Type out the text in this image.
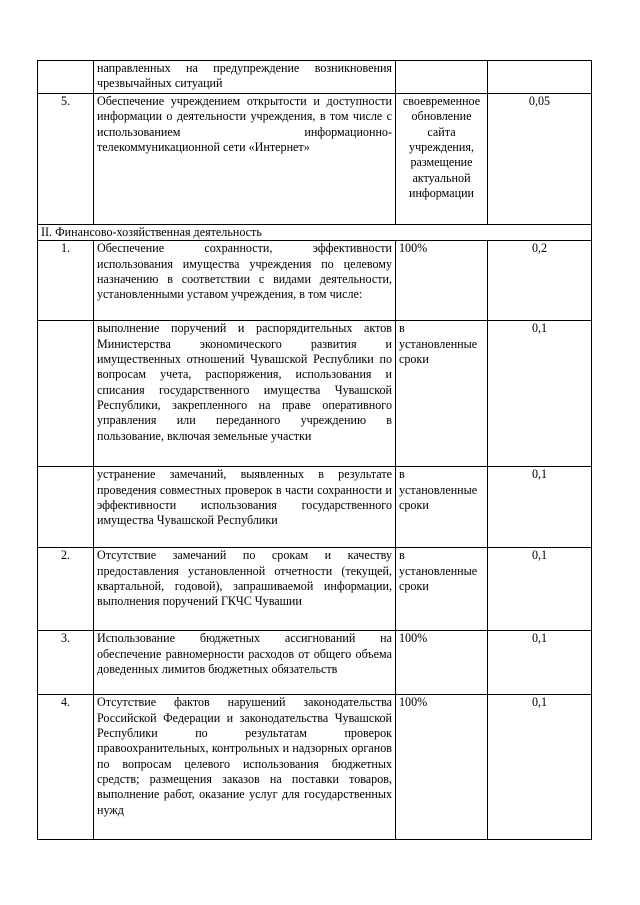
	направленных на предупреждение возникновения чрезвычайных ситуаций		
5.	Обеспечение учреждением открытости и доступности информации о деятельности учреждения, в том числе с использованием информационно-телекоммуникационной сети «Интернет»	своевременное обновление сайта учреждения, размещение актуальной информации	0,05
II. Финансово-хозяйственная деятельность			
1.	Обеспечение сохранности, эффективности использования имущества учреждения по целевому назначению в соответствии с видами деятельности, установленными уставом учреждения, в том числе:	100%	0,2
	выполнение поручений и распорядительных актов Министерства экономического развития и имущественных отношений Чувашской Республики по вопросам учета, распоряжения, использования и списания государственного имущества Чувашской Республики, закрепленного на праве оперативного управления или переданного учреждению в пользование, включая земельные участки	в установленные сроки	0,1
	устранение замечаний, выявленных в результате проведения совместных проверок в части сохранности и эффективности использования государственного имущества Чувашской Республики	в установленные сроки	0,1
2.	Отсутствие замечаний по срокам и качеству предоставления установленной отчетности (текущей, квартальной, годовой), запрашиваемой информации, выполнения поручений ГКЧС Чувашии	в установленные сроки	0,1
3.	Использование бюджетных ассигнований на обеспечение равномерности расходов от общего объема доведенных лимитов бюджетных обязательств	100%	0,1
4.	Отсутствие фактов нарушений законодательства Российской Федерации и законодательства Чувашской Республики по результатам проверок правоохранительных, контрольных и надзорных органов по вопросам целевого использования бюджетных средств; размещения заказов на поставки товаров, выполнение работ, оказание услуг для государственных нужд	100%	0,1
